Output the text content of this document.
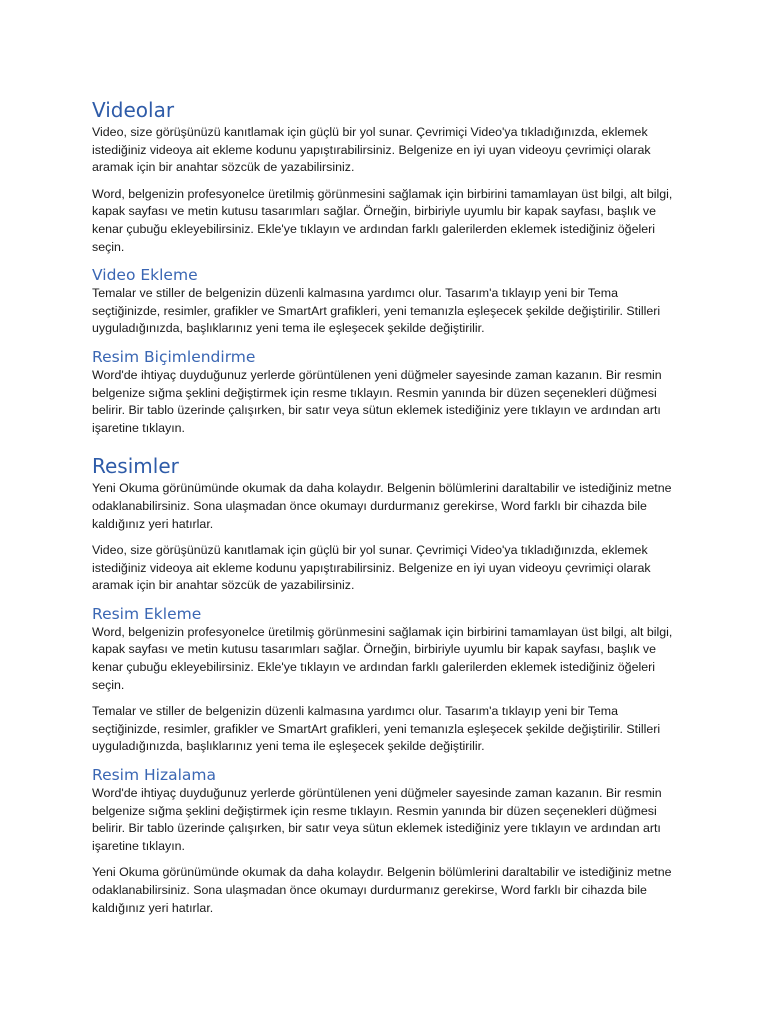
Videolar

Video, size görüşünüzü kanıtlamak için güçlü bir yol sunar. Çevrimiçi Video'ya tıkladığınızda, eklemek istediğiniz videoya ait ekleme kodunu yapıştırabilirsiniz. Belgenize en iyi uyan videoyu çevrimiçi olarak aramak için bir anahtar sözcük de yazabilirsiniz.

Word, belgenizin profesyonelce üretilmiş görünmesini sağlamak için birbirini tamamlayan üst bilgi, alt bilgi, kapak sayfası ve metin kutusu tasarımları sağlar. Örneğin, birbiriyle uyumlu bir kapak sayfası, başlık ve kenar çubuğu ekleyebilirsiniz. Ekle'ye tıklayın ve ardından farklı galerilerden eklemek istediğiniz öğeleri seçin.

Video Ekleme

Temalar ve stiller de belgenizin düzenli kalmasına yardımcı olur. Tasarım'a tıklayıp yeni bir Tema seçtiğinizde, resimler, grafikler ve SmartArt grafikleri, yeni temanızla eşleşecek şekilde değiştirilir. Stilleri uyguladığınızda, başlıklarınız yeni tema ile eşleşecek şekilde değiştirilir.

Resim Biçimlendirme

Word'de ihtiyaç duyduğunuz yerlerde görüntülenen yeni düğmeler sayesinde zaman kazanın. Bir resmin belgenize sığma şeklini değiştirmek için resme tıklayın. Resmin yanında bir düzen seçenekleri düğmesi belirir. Bir tablo üzerinde çalışırken, bir satır veya sütun eklemek istediğiniz yere tıklayın ve ardından artı işaretine tıklayın.

Resimler

Yeni Okuma görünümünde okumak da daha kolaydır. Belgenin bölümlerini daraltabilir ve istediğiniz metne odaklanabilirsiniz. Sona ulaşmadan önce okumayı durdurmanız gerekirse, Word farklı bir cihazda bile kaldığınız yeri hatırlar.

Video, size görüşünüzü kanıtlamak için güçlü bir yol sunar. Çevrimiçi Video'ya tıkladığınızda, eklemek istediğiniz videoya ait ekleme kodunu yapıştırabilirsiniz. Belgenize en iyi uyan videoyu çevrimiçi olarak aramak için bir anahtar sözcük de yazabilirsiniz.

Resim Ekleme

Word, belgenizin profesyonelce üretilmiş görünmesini sağlamak için birbirini tamamlayan üst bilgi, alt bilgi, kapak sayfası ve metin kutusu tasarımları sağlar. Örneğin, birbiriyle uyumlu bir kapak sayfası, başlık ve kenar çubuğu ekleyebilirsiniz. Ekle'ye tıklayın ve ardından farklı galerilerden eklemek istediğiniz öğeleri seçin.

Temalar ve stiller de belgenizin düzenli kalmasına yardımcı olur. Tasarım'a tıklayıp yeni bir Tema seçtiğinizde, resimler, grafikler ve SmartArt grafikleri, yeni temanızla eşleşecek şekilde değiştirilir. Stilleri uyguladığınızda, başlıklarınız yeni tema ile eşleşecek şekilde değiştirilir.

Resim Hizalama

Word'de ihtiyaç duyduğunuz yerlerde görüntülenen yeni düğmeler sayesinde zaman kazanın. Bir resmin belgenize sığma şeklini değiştirmek için resme tıklayın. Resmin yanında bir düzen seçenekleri düğmesi belirir. Bir tablo üzerinde çalışırken, bir satır veya sütun eklemek istediğiniz yere tıklayın ve ardından artı işaretine tıklayın.

Yeni Okuma görünümünde okumak da daha kolaydır. Belgenin bölümlerini daraltabilir ve istediğiniz metne odaklanabilirsiniz. Sona ulaşmadan önce okumayı durdurmanız gerekirse, Word farklı bir cihazda bile kaldığınız yeri hatırlar.
